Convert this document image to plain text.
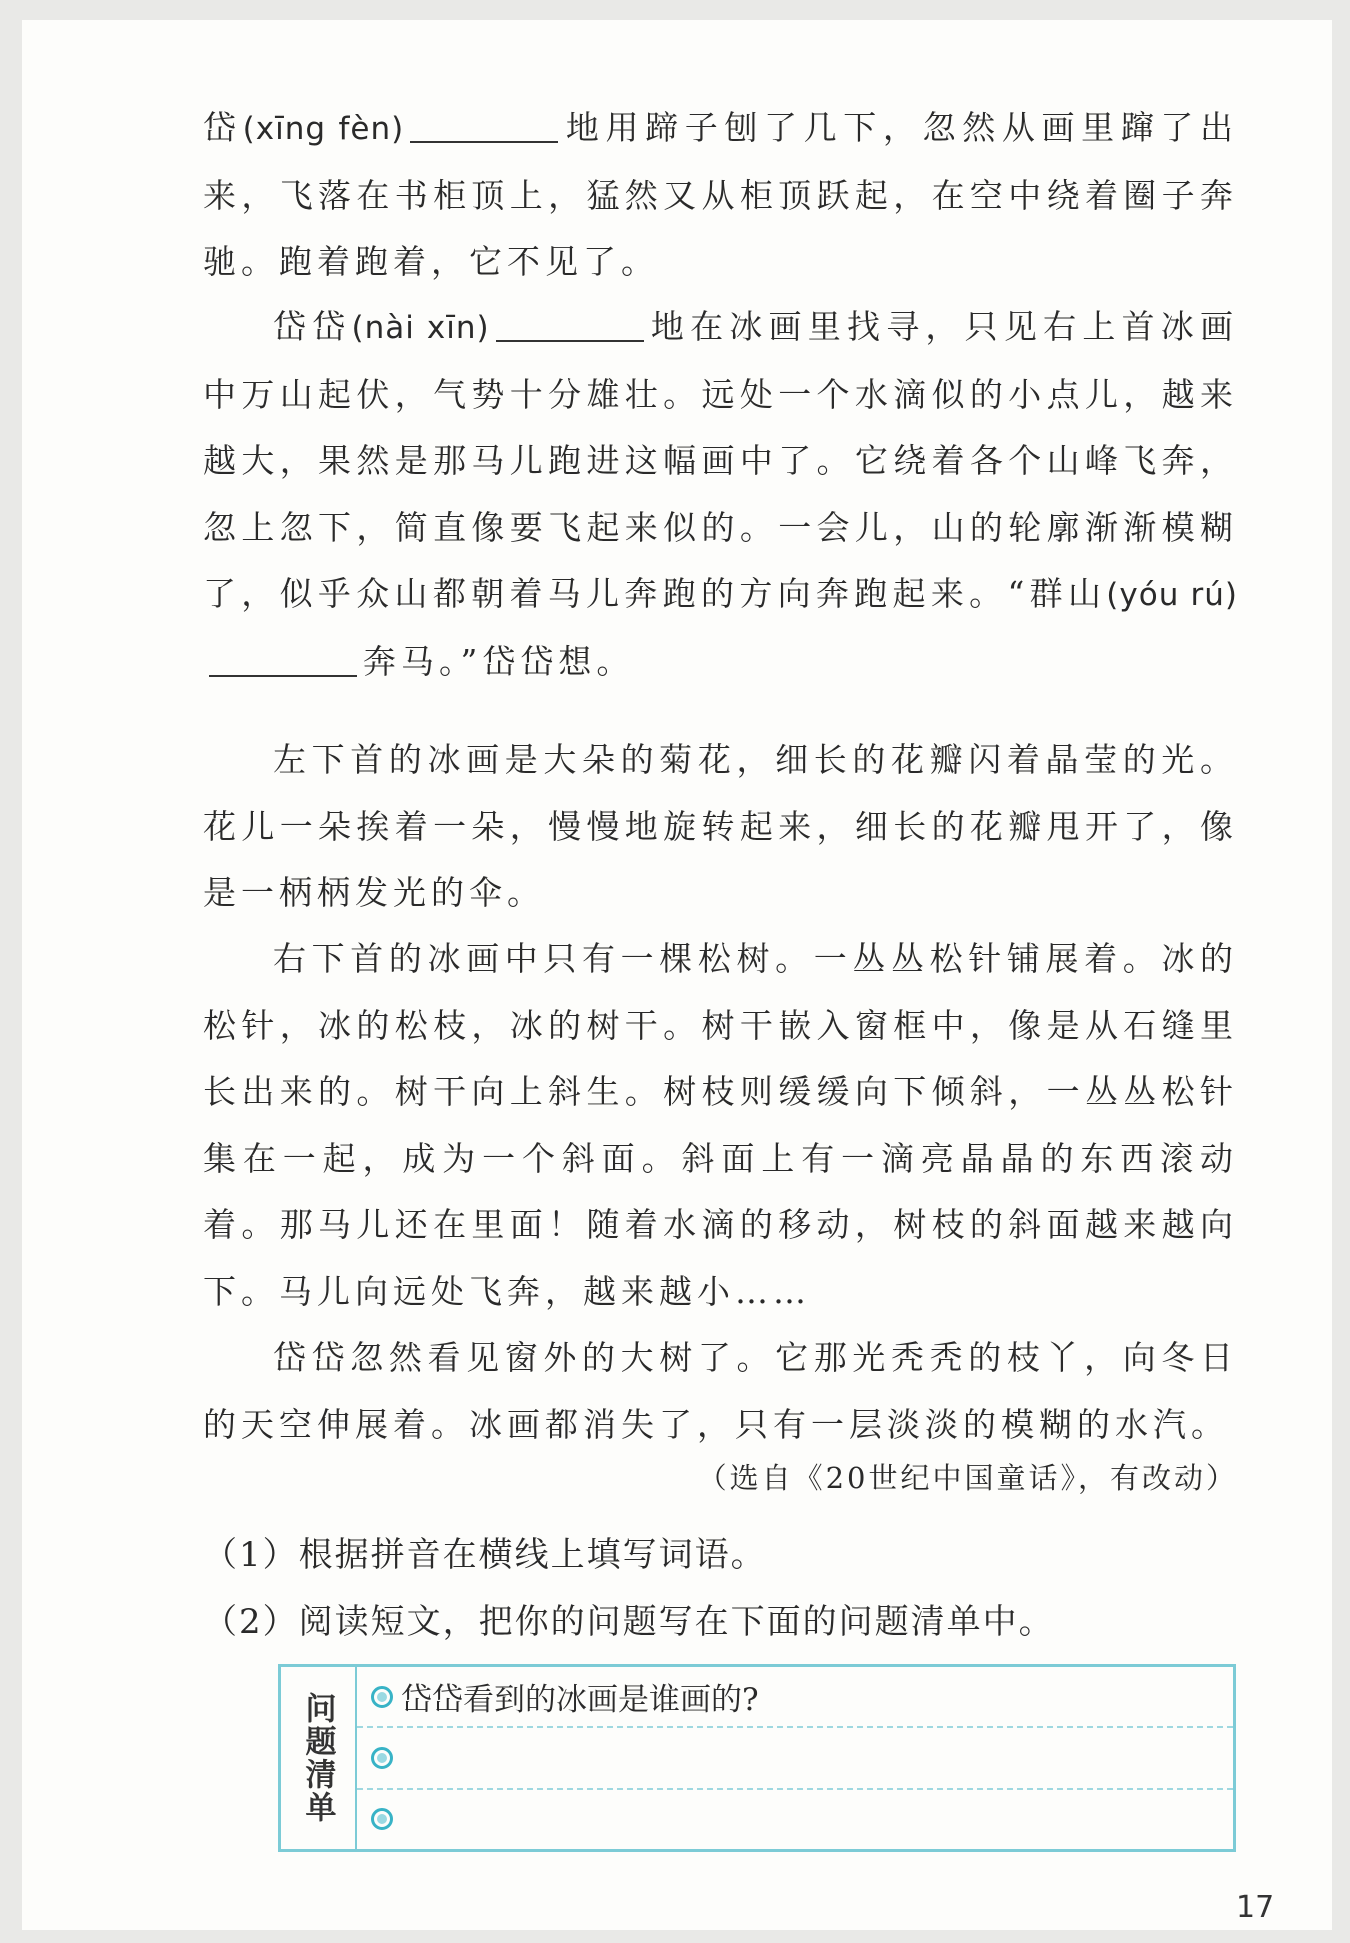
岱(xīng fèn)	地用蹄子刨了几下，忽然从画里蹿了出来，飞落在书柜顶上，猛然又从柜顶跃起，在空中绕着圈子奔驰。跑着跑着，它不见了。

岱岱(nài xīn)	地在冰画里找寻，只见右上首冰画中万山起伏，气势十分雄壮。远处一个水滴似的小点儿，越来越大，果然是那马儿跑进这幅画中了。它绕着各个山峰飞奔，忽上忽下，简直像要飞起来似的。一会儿，山的轮廓渐渐模糊了，似乎众山都朝着马儿奔跑的方向奔跑起来。“群山(yóu rú)奔马。”岱岱想。

左下首的冰画是大朵的菊花，细长的花瓣闪着晶莹的光。花儿一朵挨着一朵，慢慢地旋转起来，细长的花瓣甩开了，像是一柄柄发光的伞。

右下首的冰画中只有一棵松树。一丛丛松针铺展着。冰的松针，冰的松枝，冰的树干。树干嵌入窗框中，像是从石缝里长出来的。树干向上斜生。树枝则缓缓向下倾斜，一丛丛松针集在一起，成为一个斜面。斜面上有一滴亮晶晶的东西滚动着。那马儿还在里面！随着水滴的移动，树枝的斜面越来越向下。马儿向远处飞奔，越来越小……

岱岱忽然看见窗外的大树了。它那光秃秃的枝丫，向冬日的天空伸展着。冰画都消失了，只有一层淡淡的模糊的水汽。

（选自《20世纪中国童话》，有改动）
（1）根据拼音在横线上填写词语。
（2）阅读短文，把你的问题写在下面的问题清单中。
问题清单 岱岱看到的冰画是谁画的?
17
